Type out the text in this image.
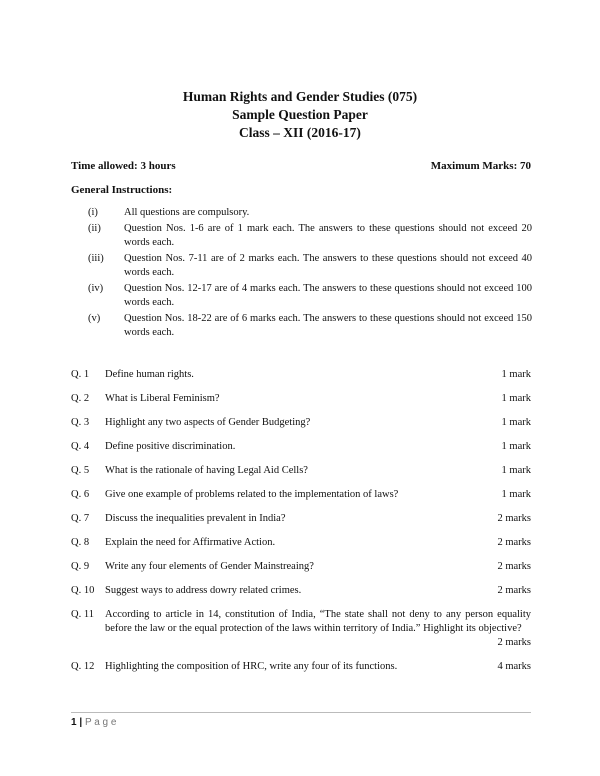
Human Rights and Gender Studies (075)
Sample Question Paper
Class – XII (2016-17)
Time allowed: 3 hours	Maximum Marks: 70
General Instructions:
(i)	All questions are compulsory.
(ii)	Question Nos. 1-6 are of 1 mark each. The answers to these questions should not exceed 20 words each.
(iii)	Question Nos. 7-11 are of 2 marks each. The answers to these questions should not exceed 40 words each.
(iv)	Question Nos. 12-17 are of 4 marks each. The answers to these questions should not exceed 100 words each.
(v)	Question Nos. 18-22 are of 6 marks each. The answers to these questions should not exceed 150 words each.
Q. 1	Define human rights.	1 mark
Q. 2	What is Liberal Feminism?	1 mark
Q. 3	Highlight any two aspects of Gender Budgeting?	1 mark
Q. 4	Define positive discrimination.	1 mark
Q. 5	What is the rationale of having Legal Aid Cells?	1 mark
Q. 6	Give one example of problems related to the implementation of laws?	1 mark
Q. 7	Discuss the inequalities prevalent in India?	2 marks
Q. 8	Explain the need for Affirmative Action.	2 marks
Q. 9	Write any four elements of Gender Mainstreaing?	2 marks
Q. 10	Suggest ways to address dowry related crimes.	2 marks
Q. 11	According to article in 14, constitution of India, “The state shall not deny to any person equality before the law or the equal protection of the laws within territory of India.” Highlight its objective?
2 marks
Q. 12	Highlighting the composition of HRC, write any four of its functions.	4 marks
1 | P a g e
